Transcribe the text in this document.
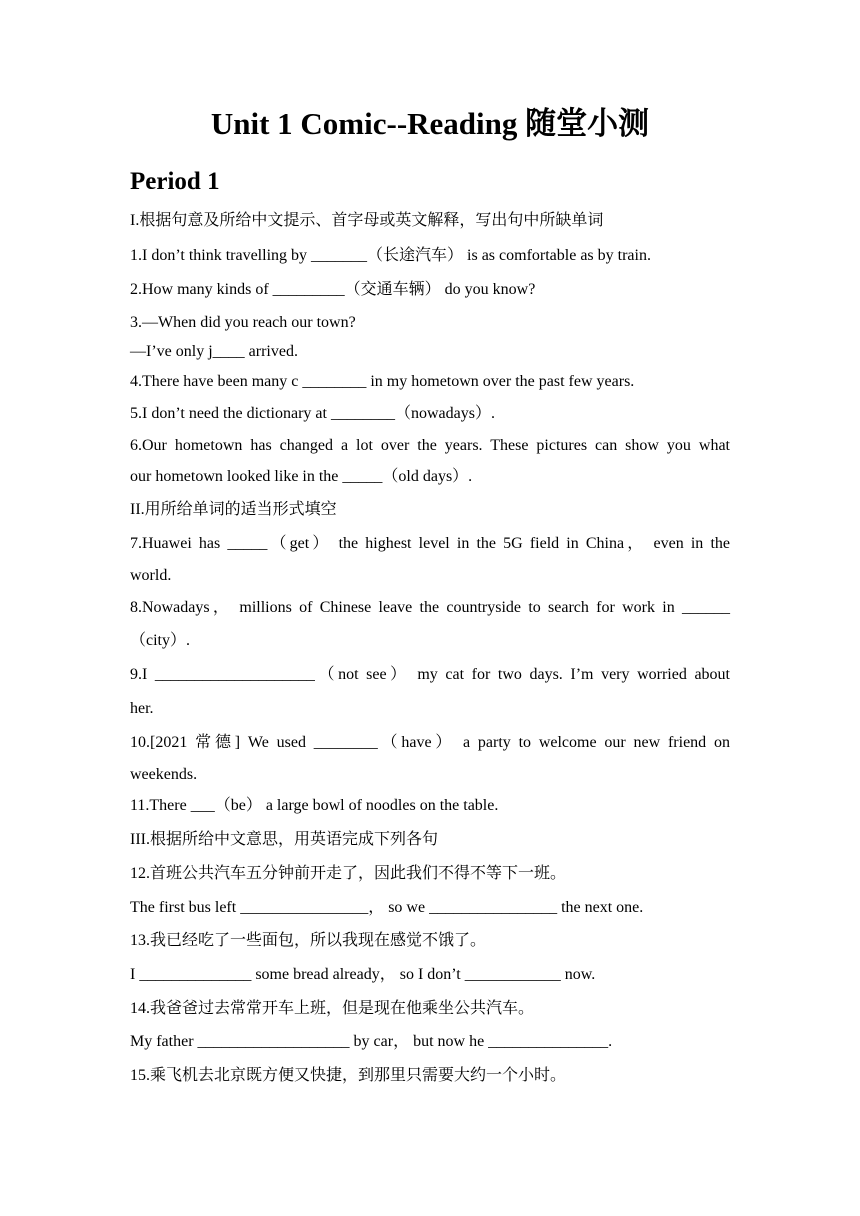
Unit 1 Comic--Reading 随堂小测
Period 1
I.根据句意及所给中文提示、首字母或英文解释，写出句中所缺单词
1.I don’t think travelling by _______（长途汽车） is as comfortable as by train.
2.How many kinds of _________（交通车辆） do you know?
3.—When did you reach our town?
—I’ve only j____ arrived.
4.There have been many c ________ in my hometown over the past few years.
5.I don’t need the dictionary at ________（nowadays）.
6.Our hometown has changed a lot over the years. These pictures can show you what
our hometown looked like in the _____（old days）.
II.用所给单词的适当形式填空
7.Huawei has _____（get） the highest level in the 5G field in China， even in the
world.
8.Nowadays， millions of Chinese leave the countryside to search for work in ______
（city）.
9.I ____________________（not see） my cat for two days. I’m very worried about
her.
10.[2021 常德] We used ________（have） a party to welcome our new friend on
weekends.
11.There ___（be） a large bowl of noodles on the table.
III.根据所给中文意思，用英语完成下列各句
12.首班公共汽车五分钟前开走了，因此我们不得不等下一班。
The first bus left ________________， so we ________________ the next one.
13.我已经吃了一些面包，所以我现在感觉不饿了。
I ______________ some bread already， so I don’t ____________ now.
14.我爸爸过去常常开车上班，但是现在他乘坐公共汽车。
My father ___________________ by car， but now he _______________.
15.乘飞机去北京既方便又快捷，到那里只需要大约一个小时。
